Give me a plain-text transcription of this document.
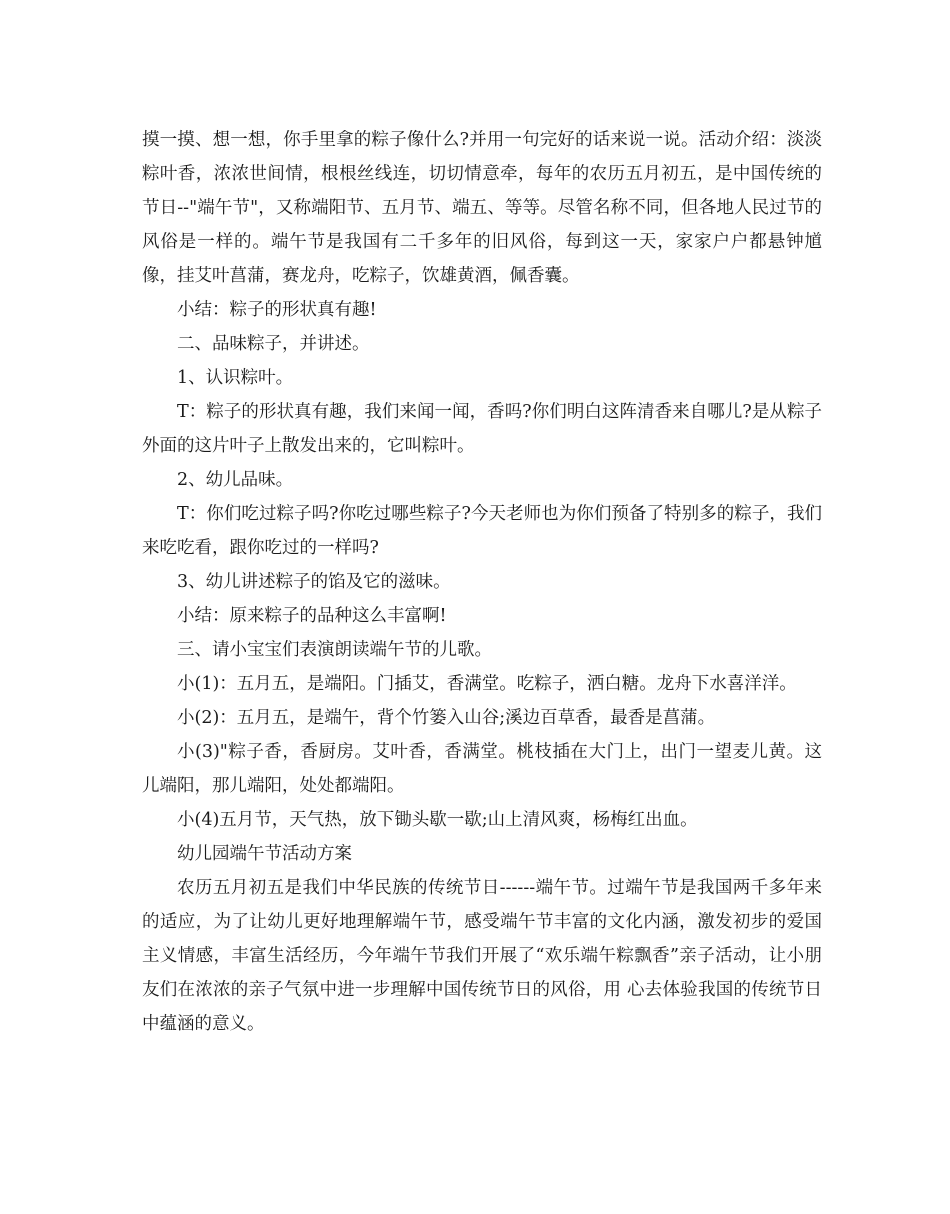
摸一摸、想一想，你手里拿的粽子像什么?并用一句完好的话来说一说。活动介绍：淡淡粽叶香，浓浓世间情，根根丝线连，切切情意牵，每年的农历五月初五，是中国传统的节日--"端午节"，又称端阳节、五月节、端五、等等。尽管名称不同，但各地人民过节的风俗是一样的。端午节是我国有二千多年的旧风俗，每到这一天，家家户户都悬钟馗像，挂艾叶菖蒲，赛龙舟，吃粽子，饮雄黄酒，佩香囊。

小结：粽子的形状真有趣!

二、品味粽子，并讲述。

1、认识粽叶。

T：粽子的形状真有趣，我们来闻一闻，香吗?你们明白这阵清香来自哪儿?是从粽子外面的这片叶子上散发出来的，它叫粽叶。

2、幼儿品味。

T：你们吃过粽子吗?你吃过哪些粽子?今天老师也为你们预备了特别多的粽子，我们来吃吃看，跟你吃过的一样吗?

3、幼儿讲述粽子的馅及它的滋味。

小结：原来粽子的品种这么丰富啊!

三、请小宝宝们表演朗读端午节的儿歌。

小(1)：五月五，是端阳。门插艾，香满堂。吃粽子，洒白糖。龙舟下水喜洋洋。

小(2)：五月五，是端午，背个竹篓入山谷;溪边百草香，最香是菖蒲。

小(3)"粽子香，香厨房。艾叶香，香满堂。桃枝插在大门上，出门一望麦儿黄。这儿端阳，那儿端阳，处处都端阳。

小(4)五月节，天气热，放下锄头歇一歇;山上清风爽，杨梅红出血。

幼儿园端午节活动方案

农历五月初五是我们中华民族的传统节日------端午节。过端午节是我国两千多年来的适应，为了让幼儿更好地理解端午节，感受端午节丰富的文化内涵，激发初步的爱国主义情感，丰富生活经历，今年端午节我们开展了“欢乐端午粽飘香”亲子活动，让小朋友们在浓浓的亲子气氛中进一步理解中国传统节日的风俗，用 心去体验我国的传统节日中蕴涵的意义。
